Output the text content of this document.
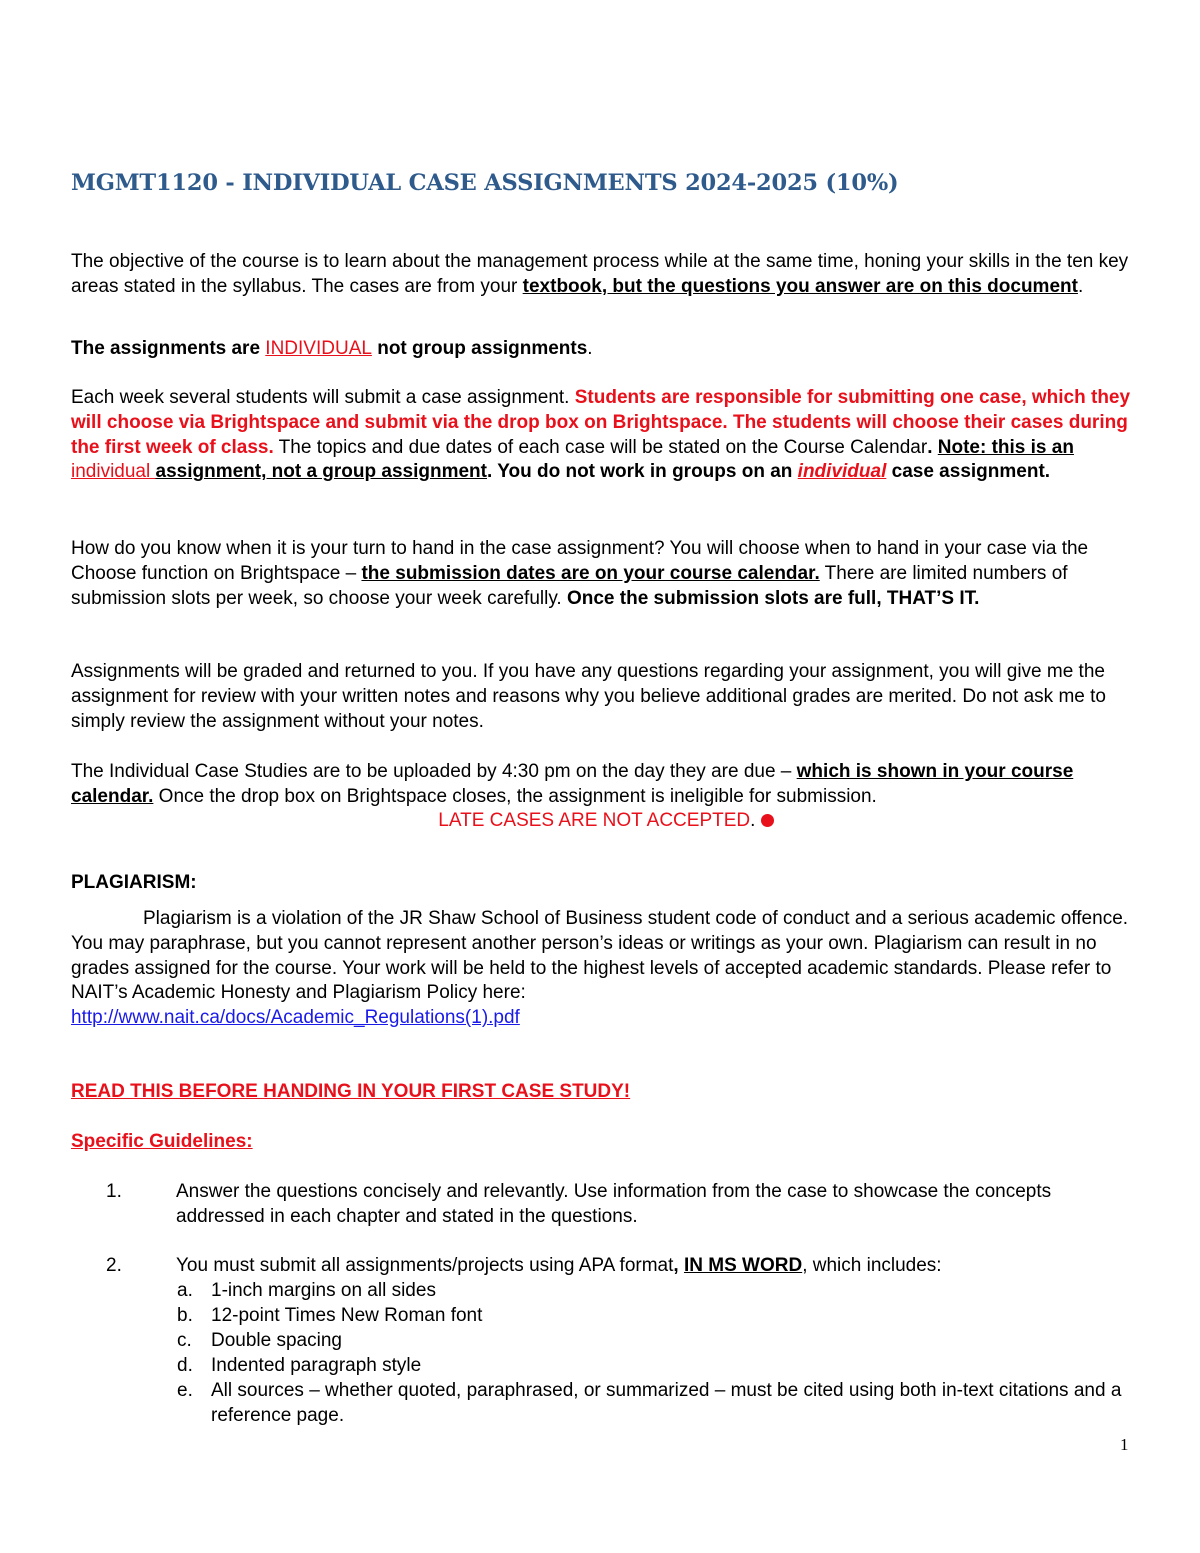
MGMT1120 - INDIVIDUAL CASE ASSIGNMENTS 2024-2025 (10%)

The objective of the course is to learn about the management process while at the same time, honing your skills in the ten key areas stated in the syllabus. The cases are from your textbook, but the questions you answer are on this document.

The assignments are INDIVIDUAL not group assignments.

Each week several students will submit a case assignment. Students are responsible for submitting one case, which they will choose via Brightspace and submit via the drop box on Brightspace. The students will choose their cases during the first week of class. The topics and due dates of each case will be stated on the Course Calendar. Note: this is an individual assignment, not a group assignment. You do not work in groups on an individual case assignment.

How do you know when it is your turn to hand in the case assignment? You will choose when to hand in your case via the Choose function on Brightspace – the submission dates are on your course calendar. There are limited numbers of submission slots per week, so choose your week carefully. Once the submission slots are full, THAT’S IT.

Assignments will be graded and returned to you. If you have any questions regarding your assignment, you will give me the assignment for review with your written notes and reasons why you believe additional grades are merited. Do not ask me to simply review the assignment without your notes.

The Individual Case Studies are to be uploaded by 4:30 pm on the day they are due – which is shown in your course calendar. Once the drop box on Brightspace closes, the assignment is ineligible for submission.

LATE CASES ARE NOT ACCEPTED.

PLAGIARISM:

Plagiarism is a violation of the JR Shaw School of Business student code of conduct and a serious academic offence. You may paraphrase, but you cannot represent another person’s ideas or writings as your own. Plagiarism can result in no grades assigned for the course. Your work will be held to the highest levels of accepted academic standards. Please refer to NAIT’s Academic Honesty and Plagiarism Policy here:
http://www.nait.ca/docs/Academic_Regulations(1).pdf

READ THIS BEFORE HANDING IN YOUR FIRST CASE STUDY!

Specific Guidelines:

1.	Answer the questions concisely and relevantly. Use information from the case to showcase the concepts addressed in each chapter and stated in the questions.
2.	You must submit all assignments/projects using APA format, IN MS WORD, which includes:
a. 1-inch margins on all sides
b. 12-point Times New Roman font
c. Double spacing
d. Indented paragraph style
e. All sources – whether quoted, paraphrased, or summarized – must be cited using both in-text citations and a reference page.
1
